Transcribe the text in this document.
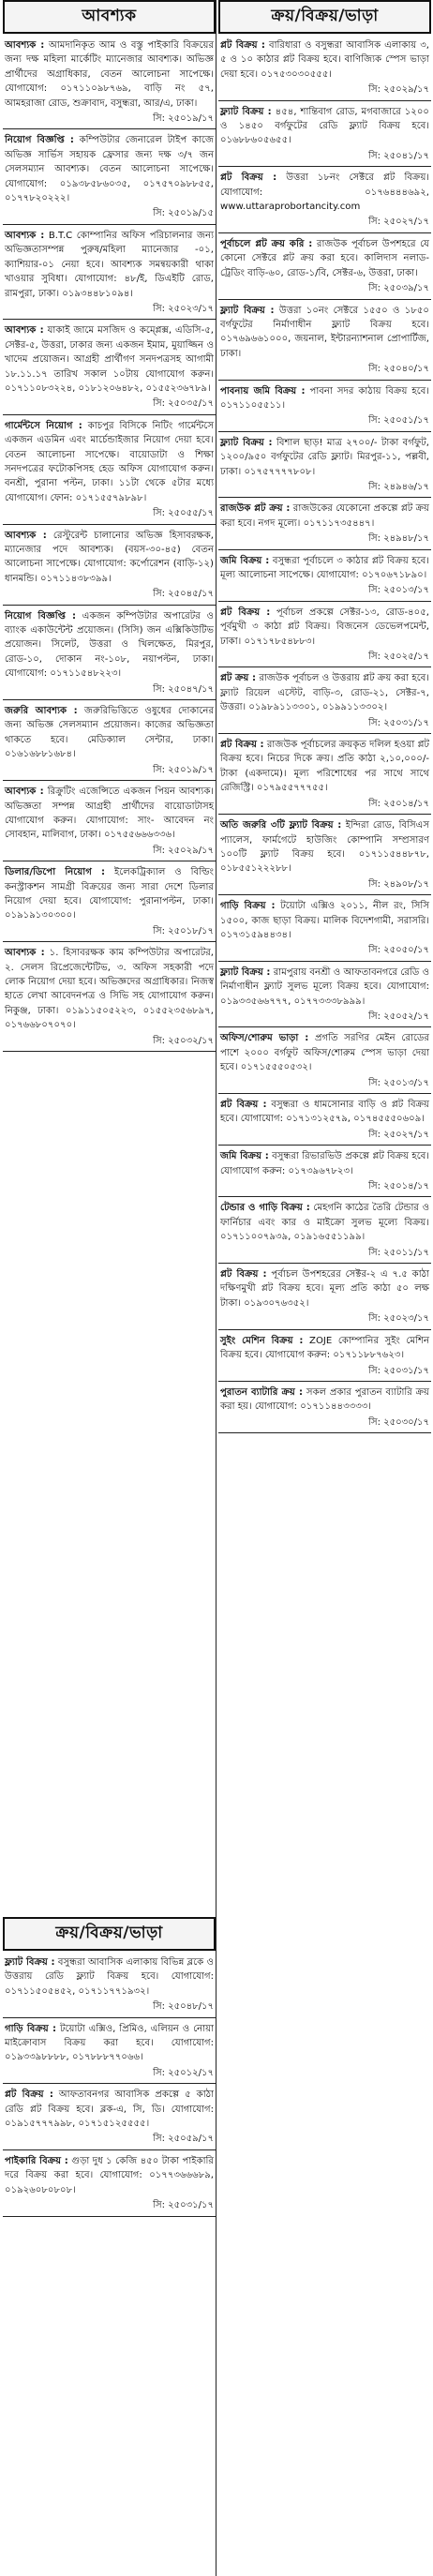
আবশ্যক
আবশ্যক : আমদানিকৃত আম ও বস্তু পাইকারি বিক্রয়ের জন্য দক্ষ মহিলা মার্কেটিং ম্যানেজার আবশ্যক। অভিজ্ঞ প্রার্থীদের অগ্রাধিকার, বেতন আলোচনা সাপেক্ষে। যোগাযোগ: ০১৭১১০৯৮৭৬৯, বাড়ি নং ৫৭, আমহরাজা রোড, শুক্রাবাদ, বসুন্ধরা, আর/এ, ঢাকা।
সি: ২৫০১৯/১৭
নিয়োগ বিজ্ঞপ্তি : কম্পিউটার জেনারেল টাইপ কাজে অভিজ্ঞ সার্ভিস সহায়ক ফ্রেসার জন্য দক্ষ ৩/৭ জন সেলসম্যান আবশ্যক। বেতন আলোচনা সাপেক্ষে। যোগাযোগ: ০১৯৩৮৫৮৬০৩৫, ০১৭৫৭০৯৮৮৫৫, ০১৭৭৮২০২২২।
সি: ২৫০১৯/১৫
আবশ্যক : B.T.C কোম্পানির অফিস পরিচালনার জন্য অভিজ্ঞতাসম্পন্ন পুরুষ/মহিলা ম্যানেজার -০১, ক্যাশিয়ার-০১ নেয়া হবে। আবশ্যক সমন্বয়কারী থাকা খাওয়ার সুবিধা। যোগাযোগ: ৪৮/ই, ডিএইটি রোড, রামপুরা, ঢাকা। ০১৯৩৪৪৮১০৯৪।
সি: ২৫০২৩/১৭
আবশ্যক : যাকাই জামে মসজিদ ও কম্প্লেক্স, এডিসি-৫, সেক্টর-৫, উত্তরা, ঢাকার জন্য একজন ইমাম, মুয়াজ্জিন ও খাদেম প্রয়োজন। আগ্রহী প্রার্থীগণ সনদপত্রসহ আগামী ১৮.১১.১৭ তারিখ সকাল ১০টায় যোগাযোগ করুন। ০১৭১১০৮৩২২৪, ০১৮১২০৬৪৮২, ০১৫৫২৩৬৭৮৯।
সি: ২৫০৩৫/১৭
গার্মেন্টসে নিয়োগ : কাচপুর বিসিকে নিটিং গার্মেন্টসে একজন এডমিন এবং মার্চেন্ডাইজার নিয়োগ দেয়া হবে। বেতন আলোচনা সাপেক্ষে। বায়োডাটা ও শিক্ষা সনদপত্রের ফটোকপিসহ হেড অফিস যোগাযোগ করুন। বনশ্রী, পুরানা পল্টন, ঢাকা। ১১টা থেকে ৫টার মধ্যে যোগাযোগ। ফোন: ০১৭১৫৫৭৯৮৯৮।
সি: ২৫০৫৫/১৭
আবশ্যক : রেস্টুরেন্ট চালানোর অভিজ্ঞ হিসাবরক্ষক, ম্যানেজার পদে আবশ্যক। (বয়স-৩০-৪৫) বেতন আলোচনা সাপেক্ষে। যোগাযোগ: কর্পোরেশন (বাড়ি-১২) ধানমন্ডি। ০১৭১১৪৩৮৩৯৯।
সি: ২৫০৪৫/১৭
নিয়োগ বিজ্ঞপ্তি : একজন কম্পিউটার অপারেটর ও ব্যাংক একাউন্টেন্ট প্রয়োজন। (সিসি) জন এক্সিকিউটিভ প্রয়োজন। সিলেট, উত্তরা ও খিলক্ষেত, মিরপুর, রোড-১০, দোকান নং-১০৮, নয়াপল্টন, ঢাকা। যোগাযোগ: ০১৭১১৫৪৮২২৩।
সি: ২৫০৪৭/১৭
জরুরি আবশ্যক : জরুরিভিত্তিতে ওষুধের দোকানের জন্য অভিজ্ঞ সেলসম্যান প্রয়োজন। কাজের অভিজ্ঞতা থাকতে হবে। মেডিক্যাল সেন্টার, ঢাকা। ০১৬১৬৮৮১৬৮৪।
সি: ২৫০১৯/১৭
আবশ্যক : রিক্রুটিং এজেন্সিতে একজন পিয়ন আবশ্যক। অভিজ্ঞতা সম্পন্ন আগ্রহী প্রার্থীদের বায়োডাটাসহ যোগাযোগ করুন। যোগাযোগ: সাং- আবেদন নং সোবহান, মালিবাগ, ঢাকা। ০১৭৫৫৬৬৬৩৩৬।
সি: ২৫০২৯/১৭
ডিলার/ডিপো নিয়োগ : ইলেকট্রিক্যাল ও বিল্ডিং কনস্ট্রাকশন সামগ্রী বিক্রয়ের জন্য সারা দেশে ডিলার নিয়োগ দেয়া হবে। যোগাযোগ: পুরানাপল্টন, ঢাকা। ০১৯১৯১৩০৩০০।
সি: ২৫০১৮/১৭
আবশ্যক : ১. হিসাবরক্ষক কাম কম্পিউটার অপারেটর, ২. সেলস রিপ্রেজেন্টেটিভ, ৩. অফিস সহকারী পদে লোক নিয়োগ দেয়া হবে। অভিজ্ঞদের অগ্রাধিকার। নিজস্ব হাতে লেখা আবেদনপত্র ও সিভি সহ যোগাযোগ করুন। নিকুঞ্জ, ঢাকা। ০১৯১১৫০৫২২৩, ০১৫৫২৩৫৬৮৯৭, ০১৭৬৬৮০৭০৭০।
সি: ২৫০৩২/১৭
ক্রয়/বিক্রয়/ভাড়া
ফ্ল্যাট বিক্রয় : বসুন্ধরা আবাসিক এলাকায় বিভিন্ন ব্লকে ও উত্তরায় রেডি ফ্ল্যাট বিক্রয় হবে। যোগাযোগ: ০১৭১১৫০৫৪৫২, ০১৭১১৭৭১৯৩২।
সি: ২৫০৪৮/১৭
গাড়ি বিক্রয় : টয়োটা এক্সিও, প্রিমিও, এলিয়ন ও নোয়া মাইক্রোবাস বিক্রয় করা হবে। যোগাযোগ: ০১৯৩৩৯৮৮৮৮, ০১৭৮৮৮৭৭০৬৬।
সি: ২৫০১২/১৭
প্লট বিক্রয় : আফতাবনগর আবাসিক প্রকল্পে ৫ কাঠা রেডি প্লট বিক্রয় হবে। ব্লক-এ, সি, ডি। যোগাযোগ: ০১৯১৫৭৭৭৯৯৮, ০১৭১৫১২৫৫৫৫।
সি: ২৫০৫৯/১৭
পাইকারি বিক্রয় : গুড়া দুধ ১ কেজি ৪৫০ টাকা পাইকারি দরে বিক্রয় করা হবে। যোগাযোগ: ০১৭৭৩৬৬৬৮৯, ০১৯২৬০৮০৮০৮।
সি: ২৫০৩১/১৭
ক্রয়/বিক্রয়/ভাড়া
প্লট বিক্রয় : বারিধারা ও বসুন্ধরা আবাসিক এলাকায় ৩, ৫ ও ১০ কাঠার প্লট বিক্রয় হবে। বাণিজ্যিক স্পেস ভাড়া দেয়া হবে। ০১৭৫৩০৩০৫৫৫।
সি: ২৫০২৯/১৭
ফ্ল্যাট বিক্রয় : ৪৫৪, শান্তিবাগ রোড, মগবাজারে ১২০০ ও ১৪৫০ বর্গফুটের রেডি ফ্ল্যাট বিক্রয় হবে। ০১৬৮৮৬০৫৬৫৫।
সি: ২৫০৪১/১৭
প্লট বিক্রয় : উত্তরা ১৮নং সেক্টরে প্লট বিক্রয়। যোগাযোগ: ০১৭৬৪৪৪৬৯২, www.uttaraprobortancity.com
সি: ২৫০২৭/১৭
পূর্বাচলে প্লট ক্রয় করি : রাজউক পূর্বাচল উপশহরে যে কোনো সেক্টরে প্লট ক্রয় করা হবে। কালিদাস নলাড-ট্রেডিং বাড়ি-৬০, রোড-১/বি, সেক্টর-৬, উত্তরা, ঢাকা।
সি: ২৫০৩৯/১৭
ফ্ল্যাট বিক্রয় : উত্তরা ১০নং সেক্টরে ১৫৫০ ও ১৮৫০ বর্গফুটের নির্মাণাধীন ফ্ল্যাট বিক্রয় হবে। ০১৭৬৯৬৬১০০০, জয়নাল, ইন্টারন্যাশনাল প্রোপার্টিজ, ঢাকা।
সি: ২৫০৪০/১৭
পাবনায় জমি বিক্রয় : পাবনা সদর কাঠায় বিক্রয় হবে। ০১৭১১০৫৫১১।
সি: ২৫০৫১/১৭
ফ্ল্যাট বিক্রয় : বিশাল ছাড়! মাত্র ২৭০০/- টাকা বর্গফুট, ১২০০/৯৫০ বর্গফুটের রেডি ফ্ল্যাট। মিরপুর-১১, পল্লবী, ঢাকা। ০১৭৫৭৭৭৭৮০৮।
সি: ২৪৯৪৬/১৭
রাজউক প্লট ক্রয় : রাজউকের যেকোনো প্রকল্পে প্লট ক্রয় করা হবে। নগদ মূল্যে। ০১৭১১৭৩৫৪৪৭।
সি: ২৪৯৪৮/১৭
জমি বিক্রয় : বসুন্ধরা পূর্বাচলে ৩ কাঠার প্লট বিক্রয় হবে। মূল্য আলোচনা সাপেক্ষে। যোগাযোগ: ০১৭০৬৭১৮৯০।
সি: ২৫০১৩/১৭
প্লট বিক্রয় : পূর্বাচল প্রকল্পে সেক্টর-১৩, রোড-৪০৫, পূর্বমুখী ৩ কাঠা প্লট বিক্রয়। বিজনেস ডেভেলপমেন্ট, ঢাকা। ০১৭১৭৮৫৪৮৮৩।
সি: ২৫০২৫/১৭
প্লট ক্রয় : রাজউক পূর্বাচল ও উত্তরায় প্লট ক্রয় করা হবে। ফ্ল্যাট রিয়েল এস্টেট, বাড়ি-৩, রোড-২১, সেক্টর-৭, উত্তরা। ০১৯৮৯১১৩৩০১, ০১৯৯১১৩৩০২।
সি: ২৫০৩১/১৭
প্লট বিক্রয় : রাজউক পূর্বাচলের ক্রয়কৃত দলিল হওয়া প্লট বিক্রয় হবে। নিচের দিকে ক্রয়। প্রতি কাঠা ২,১০,০০০/- টাকা (একদামে)। মূল্য পরিশোধের পর সাথে সাথে রেজিস্ট্রি। ০১৭৯৫৫৭৭৭৫৫।
সি: ২৫০১৪/১৭
অতি জরুরি ৩টি ফ্ল্যাট বিক্রয় : ইন্দিরা রোড, বিসিএস প্যালেস, ফার্মগেটে হাউজিং কোম্পানি সম্প্রসারণ ১০০টি ফ্ল্যাট বিক্রয় হবে। ০১৭১১৫৪৪৮৭৮, ০১৮৫৫১২২২৮৮।
সি: ২৪৯০৮/১৭
গাড়ি বিক্রয় : টয়োটা এক্সিও ২০১১, নীল রং, সিসি ১৫০০, কাজ ছাড়া বিক্রয়। মালিক বিদেশগামী, সরাসরি। ০১৭৩১৫৯৪৪৩৪।
সি: ২৫০৫০/১৭
ফ্ল্যাট বিক্রয় : রামপুরায় বনশ্রী ও আফতাবনগরে রেডি ও নির্মাণাধীন ফ্ল্যাট সুলভ মূল্যে বিক্রয় হবে। যোগাযোগ: ০১৯৩৩৫৬৬৭৭৭, ০১৭৭৩৩৩৮৯৯৯।
সি: ২৫০৫২/১৭
অফিস/শোরুম ভাড়া : প্রগতি সরণির মেইন রোডের পাশে ২০০০ বর্গফুট অফিস/শোরুম স্পেস ভাড়া দেয়া হবে। ০১৭১৫৫৫০৫৩২।
সি: ২৫০১৩/১৭
প্লট বিক্রয় : বসুন্ধরা ও ধামসোনার বাড়ি ও প্লট বিক্রয় হবে। যোগাযোগ: ০১৭১৩১২৫৭৯, ০১৭৪৫৫৫০৬০৯।
সি: ২৫০২৭/১৭
জমি বিক্রয় : বসুন্ধরা রিভারভিউ প্রকল্পে প্লট বিক্রয় হবে। যোগাযোগ করুন: ০১৭৩৯৬৭৮২৩।
সি: ২৫০১৪/১৭
টেন্ডার ও গাড়ি বিক্রয় : মেহগনি কাঠের তৈরি টেন্ডার ও ফার্নিচার এবং কার ও মাইক্রো সুলভ মূল্যে বিক্রয়। ০১৭১১০০৭৯৩৯, ০১৯১৬৫৫১১৯৯।
সি: ২৫০১১/১৭
প্লট বিক্রয় : পূর্বাচল উপশহরের সেক্টর-২ এ ৭.৫ কাঠা দক্ষিণমুখী প্লট বিক্রয় হবে। মূল্য প্রতি কাঠা ৫০ লক্ষ টাকা। ০১৯৩০৭৬৩৫২।
সি: ২৫০২৩/১৭
সুইং মেশিন বিক্রয় : ZOJE কোম্পানির সুইং মেশিন বিক্রয় হবে। যোগাযোগ করুন: ০১৭১১৮৮৭৬২৩।
সি: ২৫০৩১/১৭
পুরাতন ব্যাটারি ক্রয় : সকল প্রকার পুরাতন ব্যাটারি ক্রয় করা হয়। যোগাযোগ: ০১৭১১৪৪৩৩৩৩।
সি: ২৫০৩০/১৭
